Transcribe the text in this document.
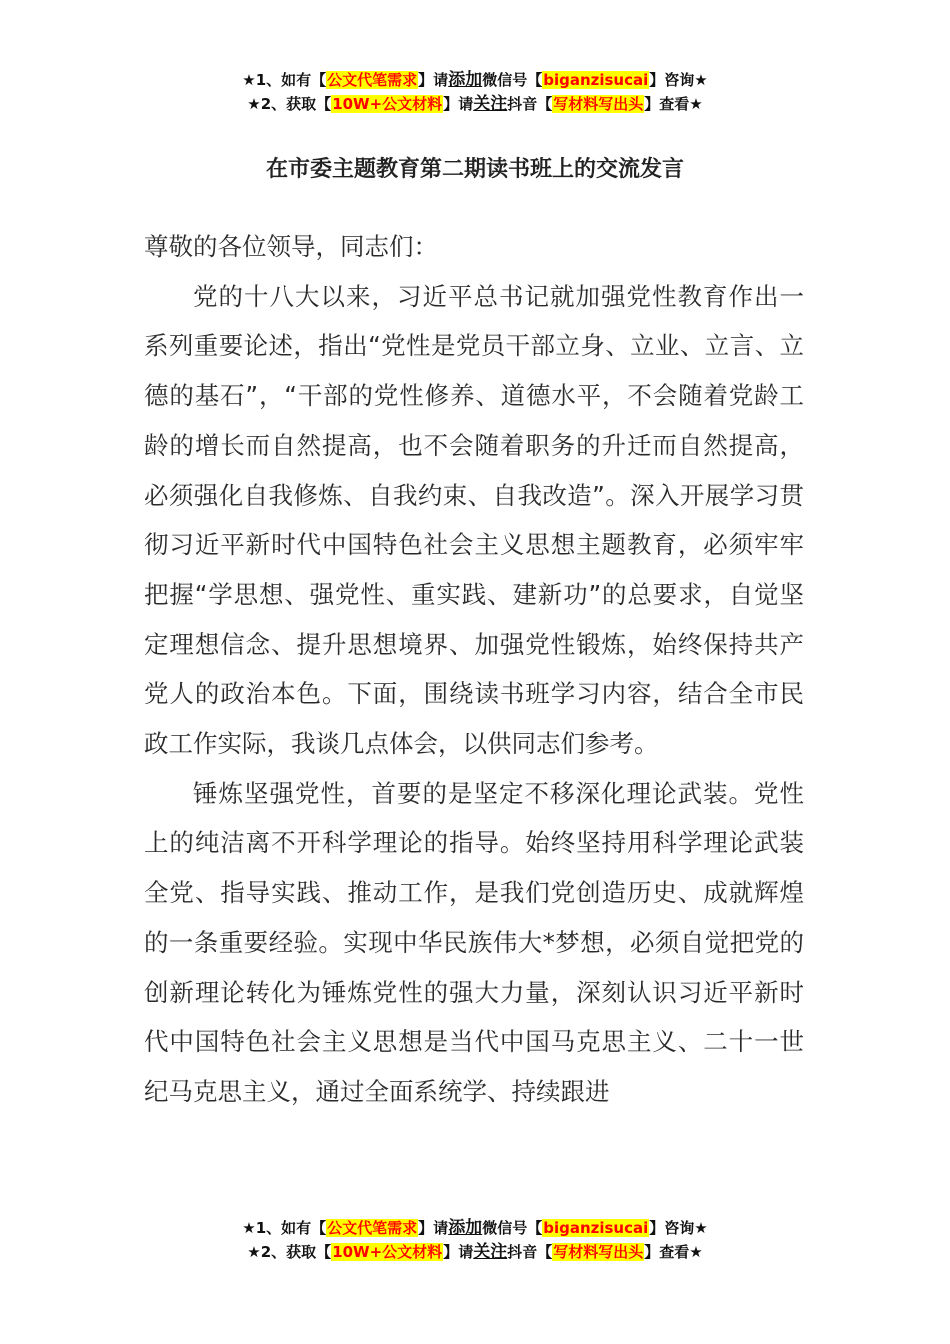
★1、如有【公文代笔需求】请添加微信号【biganzisucai】咨询★
★2、获取【10W+公文材料】请关注抖音【写材料写出头】查看★
在市委主题教育第二期读书班上的交流发言

尊敬的各位领导，同志们：

党的十八大以来，习近平总书记就加强党性教育作出一系列重要论述，指出“党性是党员干部立身、立业、立言、立德的基石”，“干部的党性修养、道德水平，不会随着党龄工龄的增长而自然提高，也不会随着职务的升迁而自然提高，必须强化自我修炼、自我约束、自我改造”。深入开展学习贯彻习近平新时代中国特色社会主义思想主题教育，必须牢牢把握“学思想、强党性、重实践、建新功”的总要求，自觉坚定理想信念、提升思想境界、加强党性锻炼，始终保持共产党人的政治本色。下面，围绕读书班学习内容，结合全市民政工作实际，我谈几点体会，以供同志们参考。

锤炼坚强党性，首要的是坚定不移深化理论武装。党性上的纯洁离不开科学理论的指导。始终坚持用科学理论武装全党、指导实践、推动工作，是我们党创造历史、成就辉煌的一条重要经验。实现中华民族伟大*梦想，必须自觉把党的创新理论转化为锤炼党性的强大力量，深刻认识习近平新时代中国特色社会主义思想是当代中国马克思主义、二十一世纪马克思主义，通过全面系统学、持续跟进

★1、如有【公文代笔需求】请添加微信号【biganzisucai】咨询★
★2、获取【10W+公文材料】请关注抖音【写材料写出头】查看★
